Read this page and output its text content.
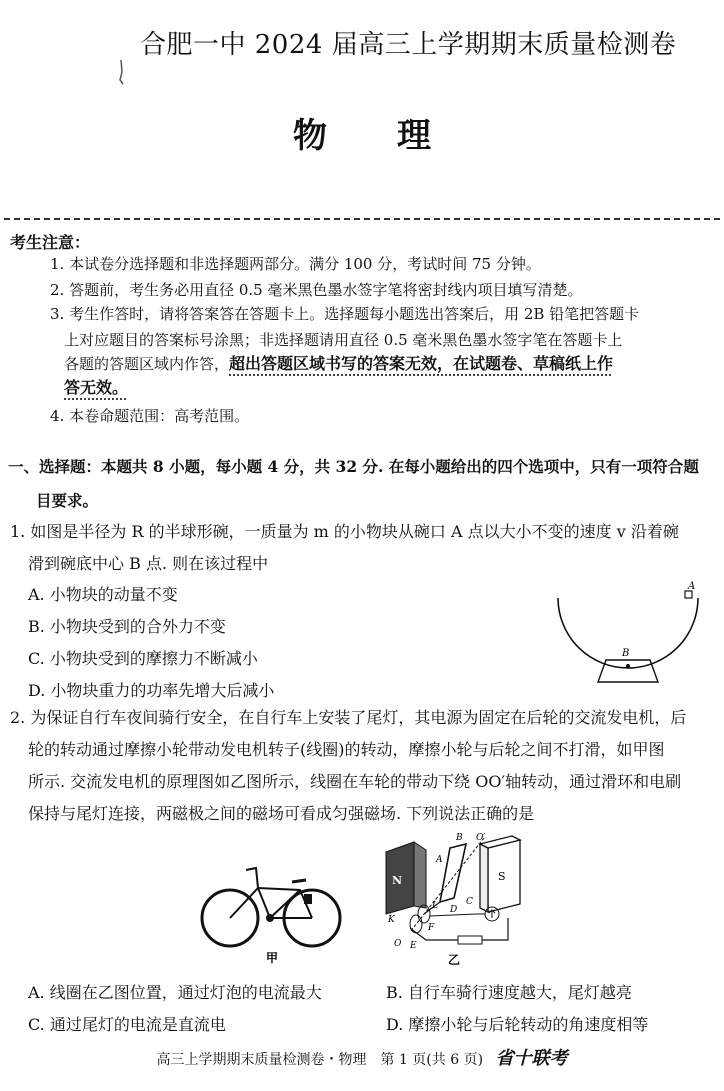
合肥一中 2024 届高三上学期期末质量检测卷
物理
考生注意：
1. 本试卷分选择题和非选择题两部分。满分 100 分，考试时间 75 分钟。
2. 答题前，考生务必用直径 0.5 毫米黑色墨水签字笔将密封线内项目填写清楚。
3. 考生作答时，请将答案答在答题卡上。选择题每小题选出答案后，用 2B 铅笔把答题卡
上对应题目的答案标号涂黑；非选择题请用直径 0.5 毫米黑色墨水签字笔在答题卡上
各题的答题区域内作答，超出答题区域书写的答案无效，在试题卷、草稿纸上作
答无效。
4. 本卷命题范围：高考范围。
一、选择题：本题共 8 小题，每小题 4 分，共 32 分. 在每小题给出的四个选项中，只有一项符合题
目要求。
1. 如图是半径为 R 的半球形碗，一质量为 m 的小物块从碗口 A 点以大小不变的速度 v 沿着碗
滑到碗底中心 B 点. 则在该过程中
A. 小物块的动量不变
B. 小物块受到的合外力不变
C. 小物块受到的摩擦力不断减小
D. 小物块重力的功率先增大后减小
A
B
2. 为保证自行车夜间骑行安全，在自行车上安装了尾灯，其电源为固定在后轮的交流发电机，后
轮的转动通过摩擦小轮带动发电机转子(线圈)的转动，摩擦小轮与后轮之间不打滑，如甲图
所示. 交流发电机的原理图如乙图所示，线圈在车轮的带动下绕 OO′轴转动，通过滑环和电刷
保持与尾灯连接，两磁极之间的磁场可看成匀强磁场. 下列说法正确的是
甲
N	S
A
B
C
D
O′
K
L
O E
F
乙
A. 线圈在乙图位置，通过灯泡的电流最大	B. 自行车骑行速度越大，尾灯越亮
C. 通过尾灯的电流是直流电	D. 摩擦小轮与后轮转动的角速度相等
高三上学期期末质量检测卷・物理　第 1 页(共 6 页) 省十联考
